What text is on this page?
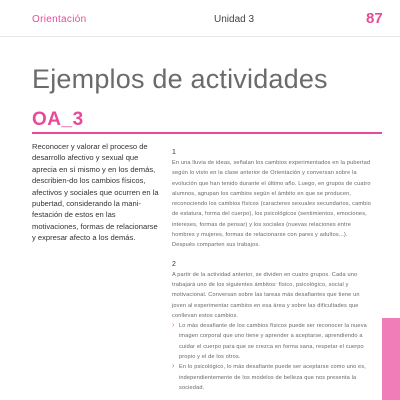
Orientación	Unidad 3	87
Ejemplos de actividades
OA_3

Reconocer y valorar el proceso de desarrollo afectivo y sexual que aprecia en sí mismo y en los demás, describien-do los cambios físicos, afectivos y sociales que ocurren en la pubertad, considerando la mani-festación de estos en las motivaciones, formas de relacionarse y expresar afecto a los demás.

1

En una lluvia de ideas, señalan los cambios experimentados en la pubertad según lo visto en la clase anterior de Orientación y conversan sobre la evolución que han tenido durante el último año. Luego, en grupos de cuatro alumnos, agrupan los cambios según el ámbito en que se producen, reconociendo los cambios físicos (caracteres sexuales secundarios, cambio de estatura, forma del cuerpo), los psicológicos (sentimientos, emociones, intereses, formas de pensar) y los sociales (nuevas relaciones entre hombres y mujeres, formas de relacionarse con pares y adultos...). Después comparten sus trabajos.

2

A partir de la actividad anterior, se dividen en cuatro grupos. Cada uno trabajará uno de los siguientes ámbitos: físico, psicológico, social y motivacional. Conversan sobre las tareas más desafiantes que tiene un joven al experimentar cambios en esa área y sobre las dificultades que conllevan estos cambios.

› Lo más desafiante de los cambios físicos puede ser reconocer la nueva imagen corporal que uno tiene y aprender a aceptarse, aprendiendo a cuidar el cuerpo para que se crezca en forma sana, respetar el cuerpo propio y el de los otros.
› En lo psicológico, lo más desafiante puede ser aceptarse como uno es, independientemente de los modelos de belleza que nos presenta la sociedad.
